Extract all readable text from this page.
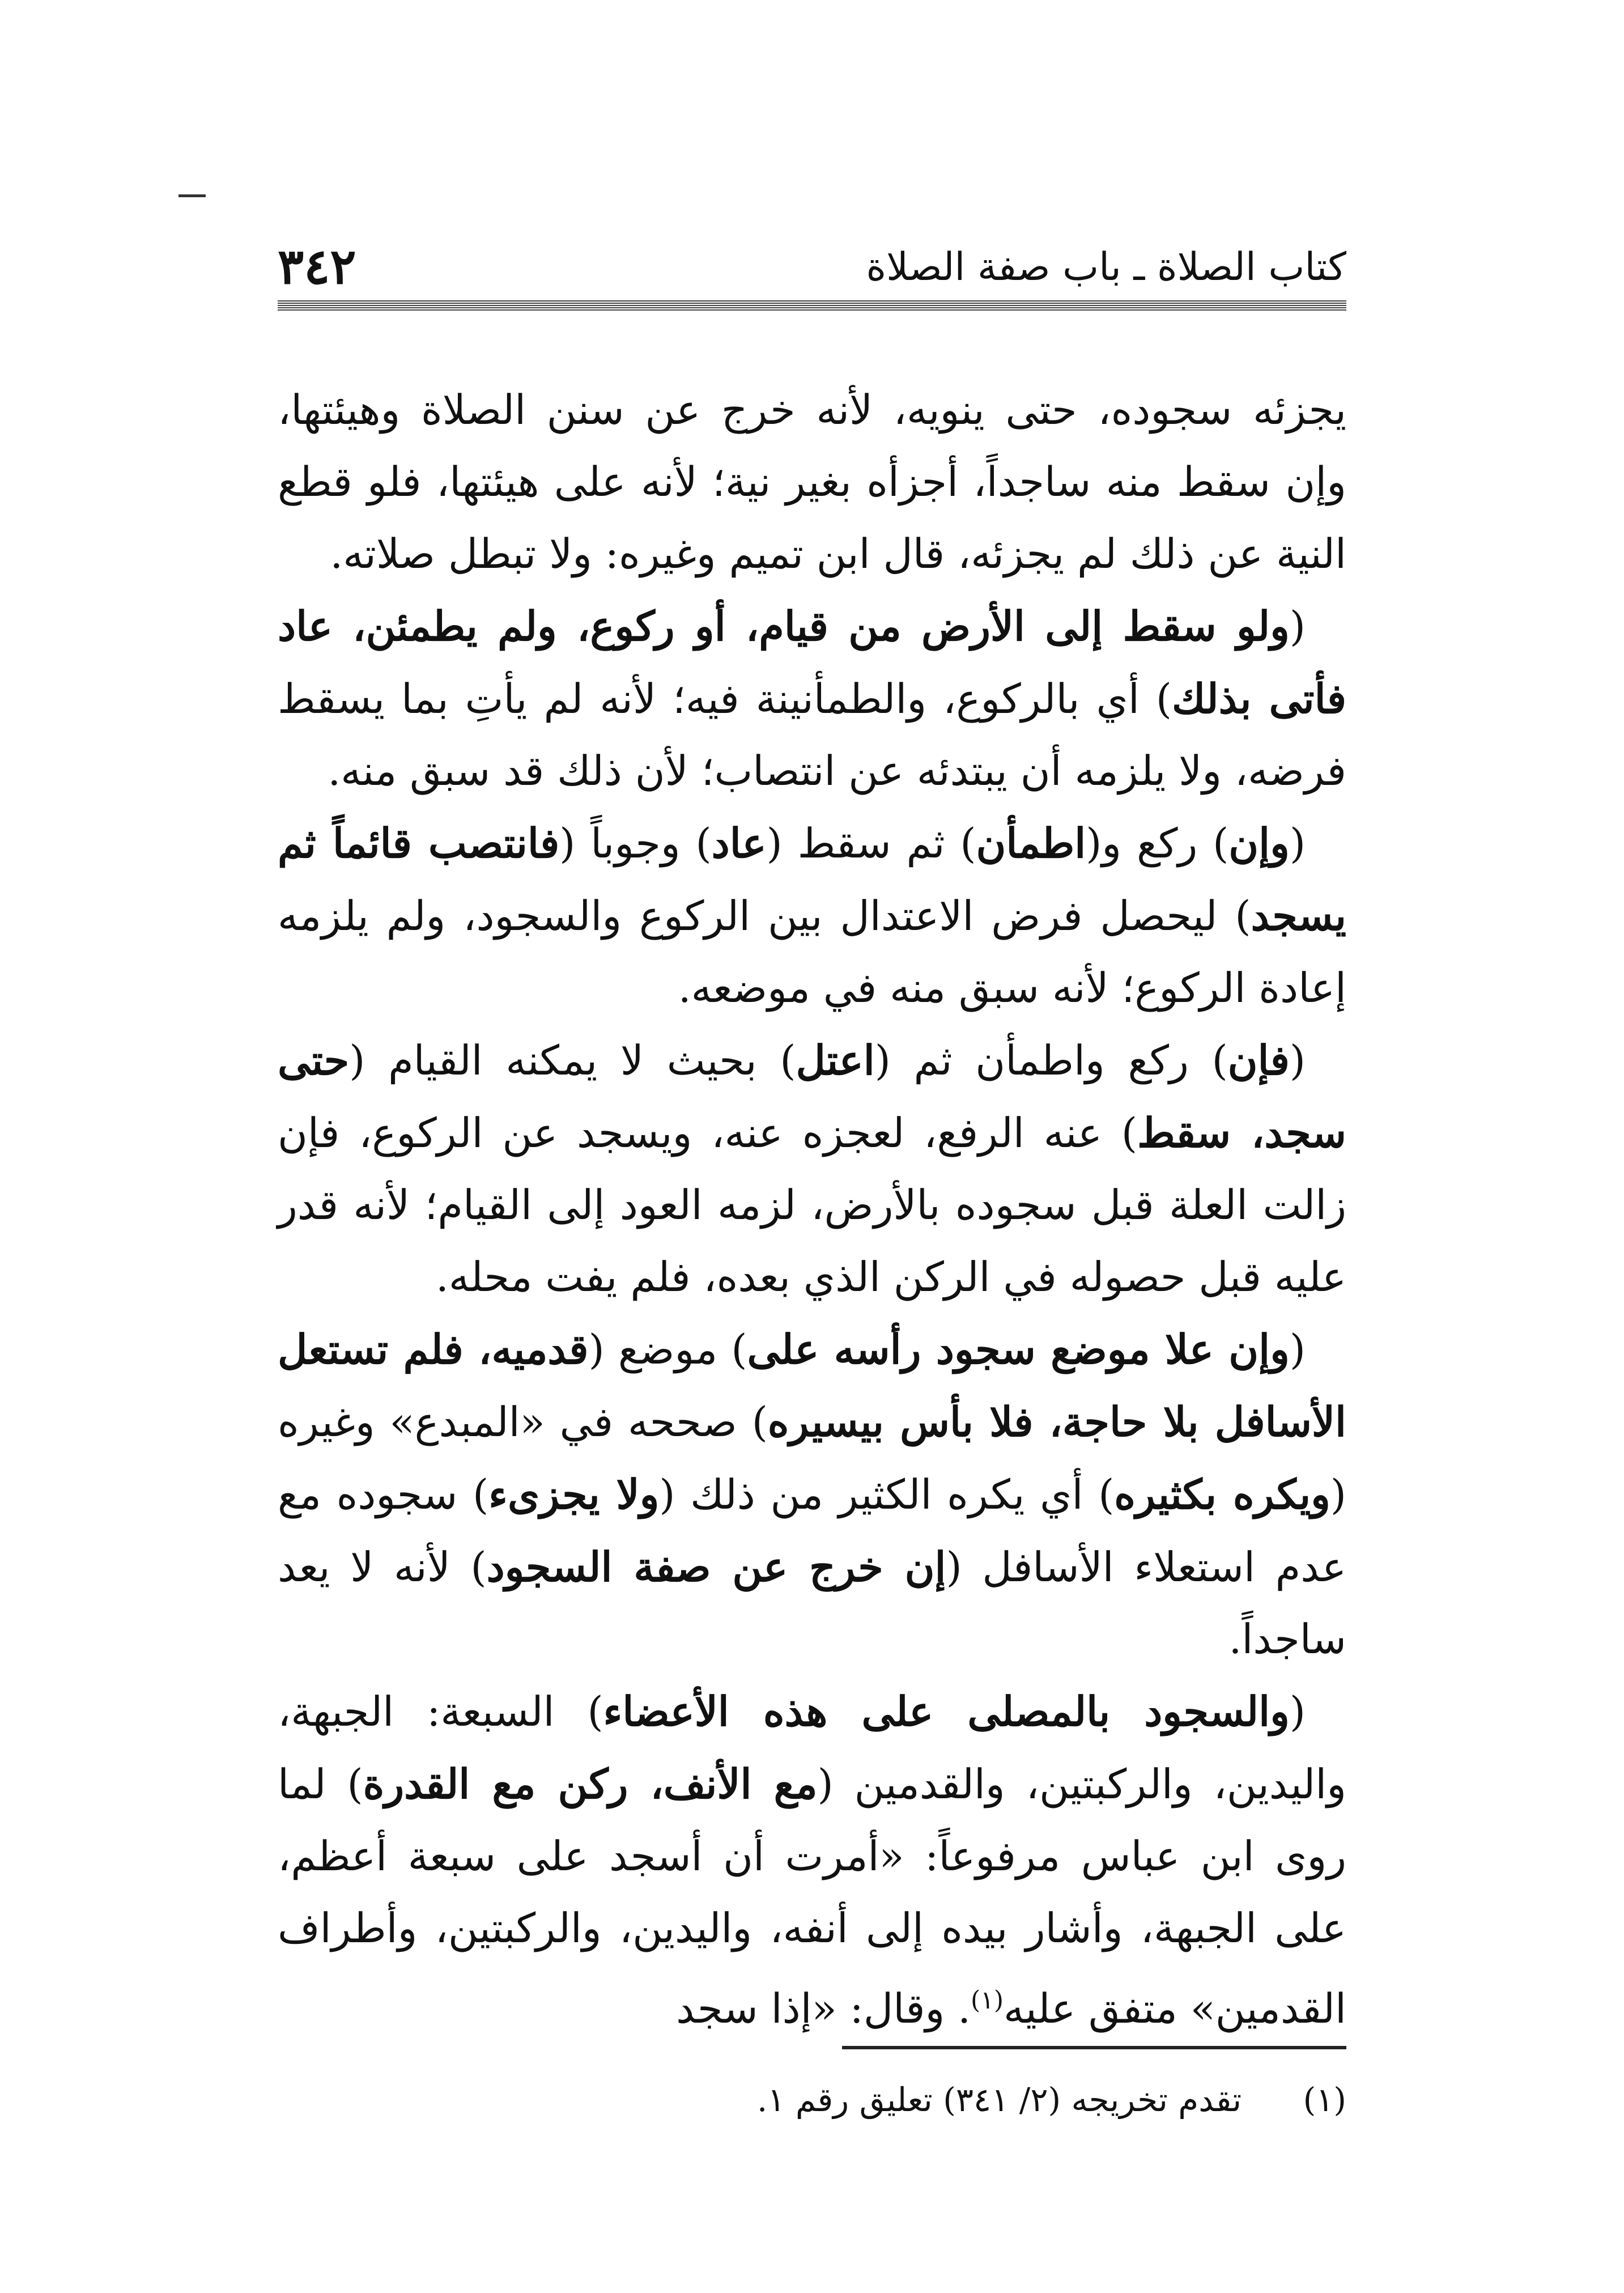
كتاب الصلاة ـ باب صفة الصلاة
٣٤٢

يجزئه سجوده، حتى ينويه، لأنه خرج عن سنن الصلاة وهيئتها، وإن سقط منه ساجداً، أجزأه بغير نية؛ لأنه على هيئتها، فلو قطع النية عن ذلك لم يجزئه، قال ابن تميم وغيره: ولا تبطل صلاته.

(ولو سقط إلى الأرض من قيام، أو ركوع، ولم يطمئن، عاد فأتى بذلك) أي بالركوع، والطمأنينة فيه؛ لأنه لم يأتِ بما يسقط فرضه، ولا يلزمه أن يبتدئه عن انتصاب؛ لأن ذلك قد سبق منه.

(وإن) ركع و(اطمأن) ثم سقط (عاد) وجوباً (فانتصب قائماً ثم يسجد) ليحصل فرض الاعتدال بين الركوع والسجود، ولم يلزمه إعادة الركوع؛ لأنه سبق منه في موضعه.

(فإن) ركع واطمأن ثم (اعتل) بحيث لا يمكنه القيام (حتى سجد، سقط) عنه الرفع، لعجزه عنه، ويسجد عن الركوع، فإن زالت العلة قبل سجوده بالأرض، لزمه العود إلى القيام؛ لأنه قدر عليه قبل حصوله في الركن الذي بعده، فلم يفت محله.

(وإن علا موضع سجود رأسه على) موضع (قدميه، فلم تستعل الأسافل بلا حاجة، فلا بأس بيسيره) صححه في «المبدع» وغيره (ويكره بكثيره) أي يكره الكثير من ذلك (ولا يجزىء) سجوده مع عدم استعلاء الأسافل (إن خرج عن صفة السجود) لأنه لا يعد ساجداً.

(والسجود بالمصلى على هذه الأعضاء) السبعة: الجبهة، واليدين، والركبتين، والقدمين (مع الأنف، ركن مع القدرة) لما روى ابن عباس مرفوعاً: «أمرت أن أسجد على سبعة أعظم، على الجبهة، وأشار بيده إلى أنفه، واليدين، والركبتين، وأطراف القدمين» متفق عليه$^{(١)}$. وقال: «إذا سجد

(١) تقدم تخريجه (٢/ ٣٤١) تعليق رقم ١.
